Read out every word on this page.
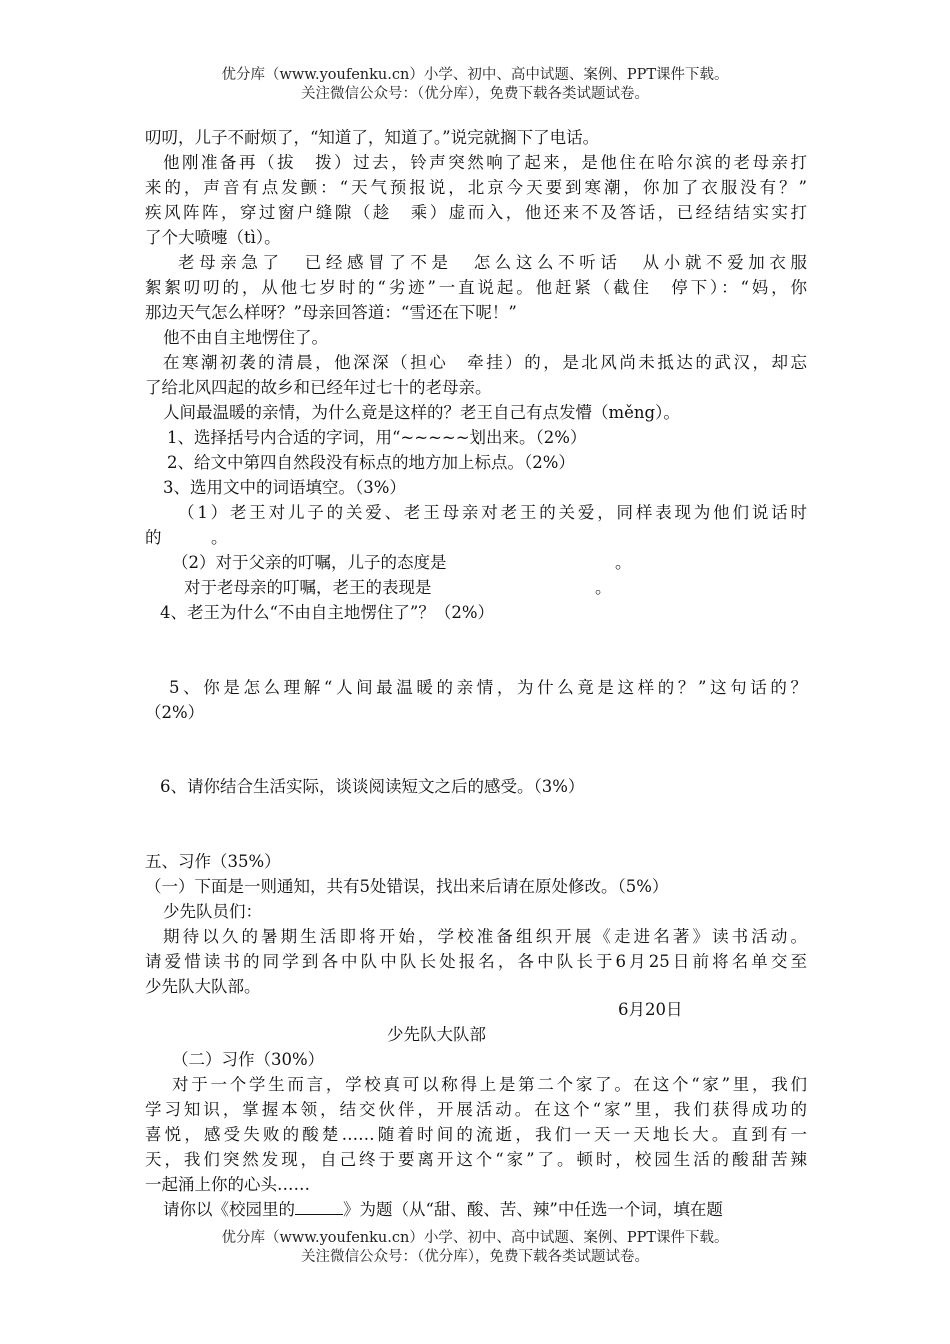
优分库（www.youfenku.cn）小学、初中、高中试题、案例、PPT课件下载。
关注微信公众号：（优分库），免费下载各类试题试卷。
叨叨，儿子不耐烦了，“知道了，知道了。”说完就搁下了电话。
他刚准备再（拔　拨）过去，铃声突然响了起来，是他住在哈尔滨的老母亲打
来的，声音有点发颤：“天气预报说，北京今天要到寒潮，你加了衣服没有？”
疾风阵阵，穿过窗户缝隙（趁　乘）虚而入，他还来不及答话，已经结结实实打
了个大喷嚏（tì）。
老母亲急了　已经感冒了不是　怎么这么不听话　从小就不爱加衣服
絮絮叨叨的，从他七岁时的“劣迹”一直说起。他赶紧（截住　停下）：“妈，你
那边天气怎么样呀？”母亲回答道：“雪还在下呢！”
他不由自主地愣住了。
在寒潮初袭的清晨，他深深（担心　牵挂）的，是北风尚未抵达的武汉，却忘
了给北风四起的故乡和已经年过七十的老母亲。
人间最温暖的亲情，为什么竟是这样的？老王自己有点发懵（měng）。
1、选择括号内合适的字词，用“~~~~~划出来。（2%）
2、给文中第四自然段没有标点的地方加上标点。（2%）
3、选用文中的词语填空。（3%）
（1）老王对儿子的关爱、老王母亲对老王的关爱，同样表现为他们说话时
的　　　。
（2）对于父亲的叮嘱，儿子的态度是	。
对于老母亲的叮嘱，老王的表现是	。
4、老王为什么“不由自主地愣住了”？（2%）
5、你是怎么理解“人间最温暖的亲情，为什么竟是这样的？”这句话的？
（2%）
6、请你结合生活实际，谈谈阅读短文之后的感受。（3%）
五、习作（35%）
（一）下面是一则通知，共有5处错误，找出来后请在原处修改。（5%）
少先队员们：
期待以久的暑期生活即将开始，学校准备组织开展《走进名著》读书活动。
请爱惜读书的同学到各中队中队长处报名，各中队长于6月25日前将名单交至
少先队大队部。
6月20日
少先队大队部
（二）习作（30%）
对于一个学生而言，学校真可以称得上是第二个家了。在这个“家”里，我们
学习知识，掌握本领，结交伙伴，开展活动。在这个“家”里，我们获得成功的
喜悦，感受失败的酸楚……随着时间的流逝，我们一天一天地长大。直到有一
天，我们突然发现，自己终于要离开这个“家”了。顿时，校园生活的酸甜苦辣
一起涌上你的心头……
请你以《校园里的	》为题（从“甜、酸、苦、辣”中任选一个词，填在题
优分库（www.youfenku.cn）小学、初中、高中试题、案例、PPT课件下载。
关注微信公众号：（优分库），免费下载各类试题试卷。
